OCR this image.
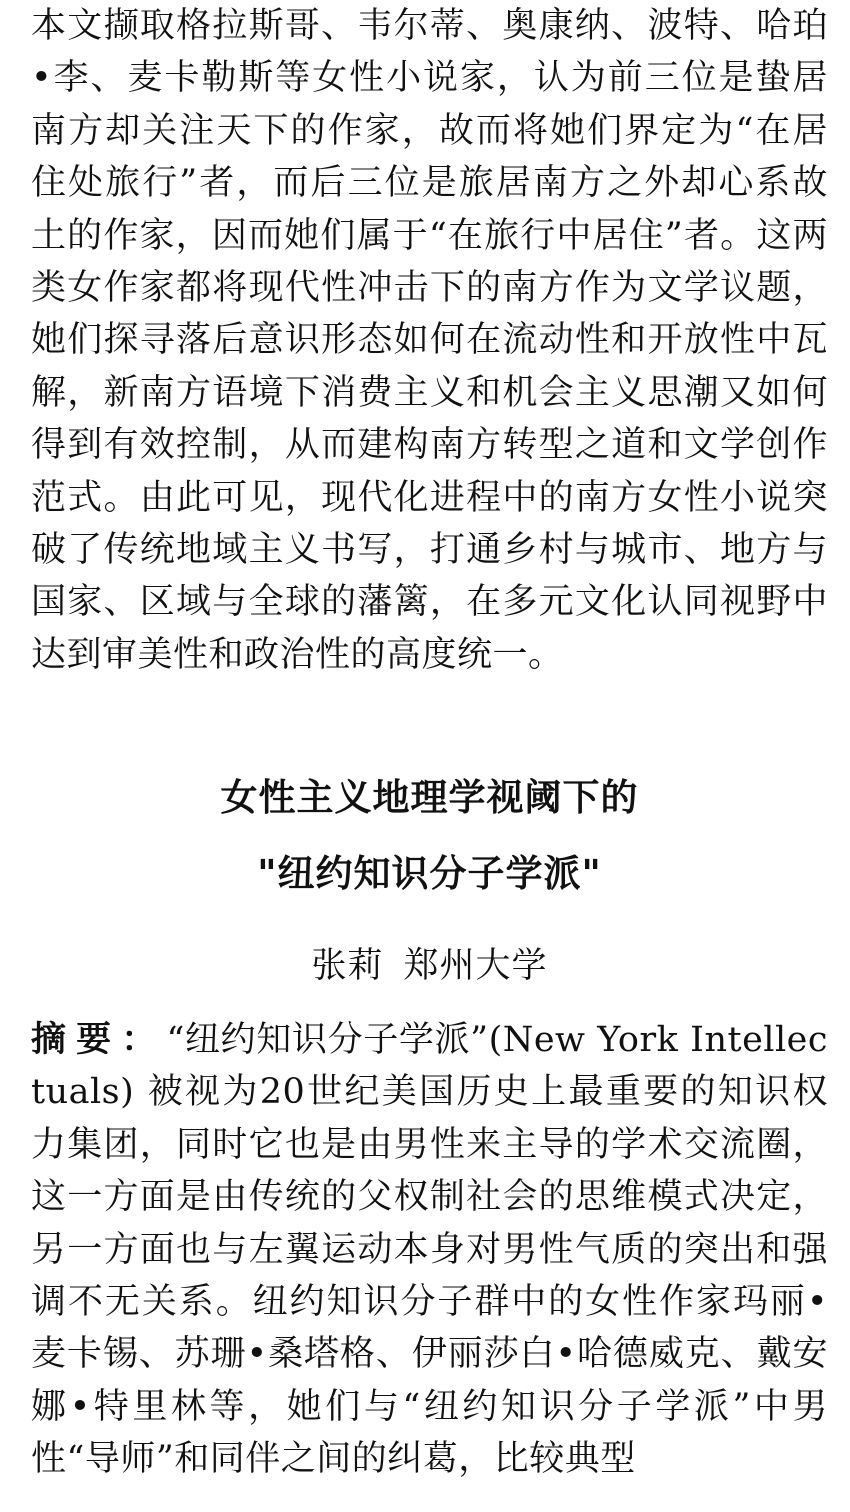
本文撷取格拉斯哥、韦尔蒂、奥康纳、波特、哈珀•李、麦卡勒斯等女性小说家，认为前三位是蛰居南方却关注天下的作家，故而将她们界定为“在居住处旅行”者，而后三位是旅居南方之外却心系故土的作家，因而她们属于“在旅行中居住”者。这两类女作家都将现代性冲击下的南方作为文学议题，她们探寻落后意识形态如何在流动性和开放性中瓦解，新南方语境下消费主义和机会主义思潮又如何得到有效控制，从而建构南方转型之道和文学创作范式。由此可见，现代化进程中的南方女性小说突破了传统地域主义书写，打通乡村与城市、地方与国家、区域与全球的藩篱，在多元文化认同视野中达到审美性和政治性的高度统一。

女性主义地理学视阈下的
"纽约知识分子学派"
张莉 郑州大学

摘要：“纽约知识分子学派”(New York Intellectuals) 被视为20世纪美国历史上最重要的知识权力集团，同时它也是由男性来主导的学术交流圈，这一方面是由传统的父权制社会的思维模式决定，另一方面也与左翼运动本身对男性气质的突出和强调不无关系。纽约知识分子群中的女性作家玛丽•麦卡锡、苏珊•桑塔格、伊丽莎白•哈德威克、戴安娜•特里林等，她们与“纽约知识分子学派”中男性“导师”和同伴之间的纠葛，比较典型
